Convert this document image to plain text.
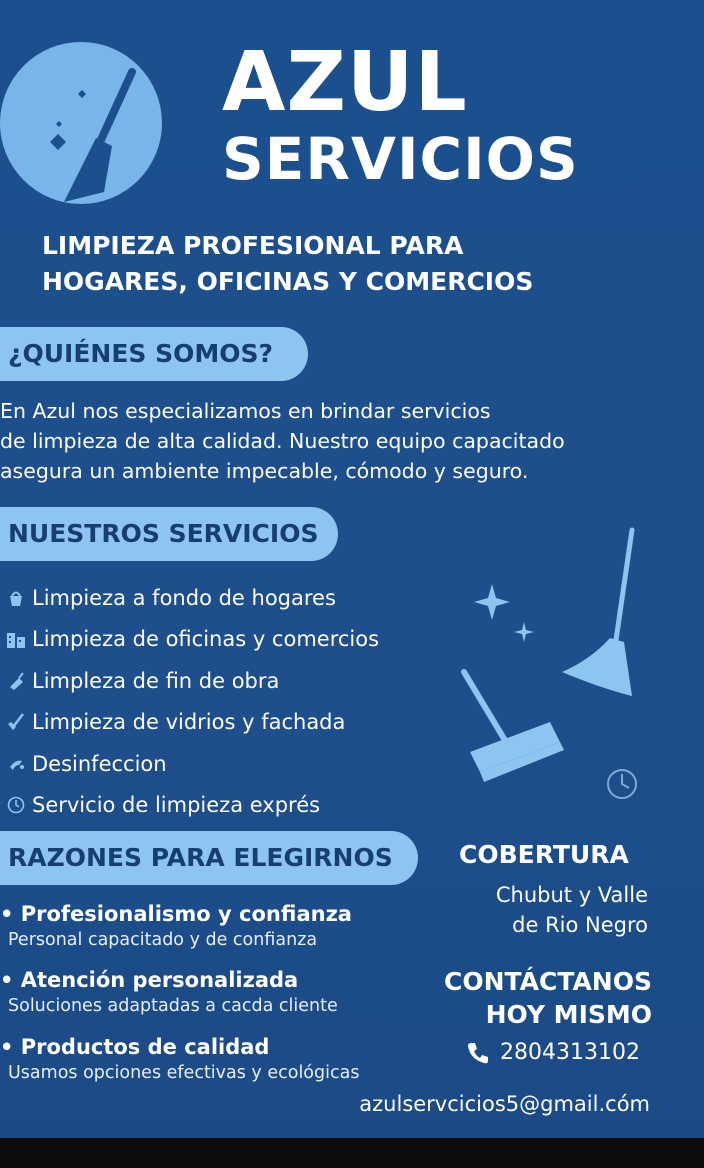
AZUL
SERVICIOS
LIMPIEZA PROFESIONAL PARA
HOGARES, OFICINAS Y COMERCIOS
¿QUIÉNES SOMOS?
En Azul nos especializamos en brindar servicios
de limpieza de alta calidad. Nuestro equipo capacitado
asegura un ambiente impecable, cómodo y seguro.
NUESTROS SERVICIOS
Limpieza a fondo de hogares
Limpieza de oficinas y comercios
Limpleza de fin de obra
Limpieza de vidrios y fachada
Desinfeccion
Servicio de limpieza exprés
RAZONES PARA ELEGIRNOS
• Profesionalismo y confianza
Personal capacitado y de confianza
• Atención personalizada
Soluciones adaptadas a cacda cliente
• Productos de calidad
Usamos opciones efectivas y ecológicas
COBERTURA
Chubut y Valle
de Rio Negro
CONTÁCTANOS
HOY MISMO
2804313102
azulservcicios5@gmail.cóm
